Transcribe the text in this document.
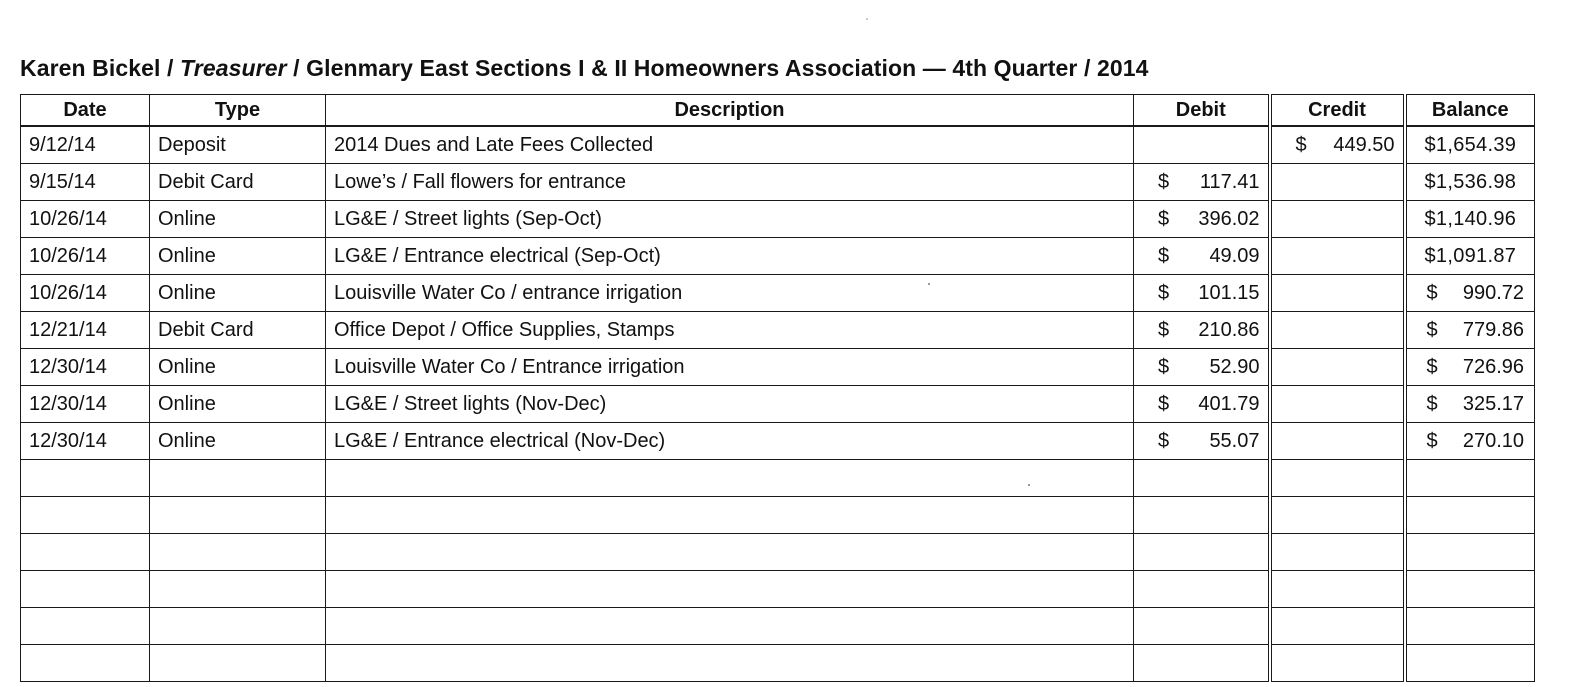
Karen Bickel / Treasurer / Glenmary East Sections I & II Homeowners Association — 4th Quarter / 2014
Date	Type	Description	Debit	Credit	Balance
9/12/14	Deposit	2014 Dues and Late Fees Collected		$ 449.50	$1,654.39

9/15/14	Debit Card	Lowe’s / Fall flowers for entrance	$ 117.41		$1,536.98

10/26/14	Online	LG&E / Street lights (Sep-Oct)	$ 396.02		$1,140.96

10/26/14	Online	LG&E / Entrance electrical (Sep-Oct)	$ 49.09		$1,091.87

10/26/14	Online	Louisville Water Co / entrance irrigation	$ 101.15		$ 990.72

12/21/14	Debit Card	Office Depot / Office Supplies, Stamps	$ 210.86		$ 779.86

12/30/14	Online	Louisville Water Co / Entrance irrigation	$ 52.90		$ 726.96

12/30/14	Online	LG&E / Street lights (Nov-Dec)	$ 401.79		$ 325.17

12/30/14	Online	LG&E / Entrance electrical (Nov-Dec)	$ 55.07		$ 270.10
